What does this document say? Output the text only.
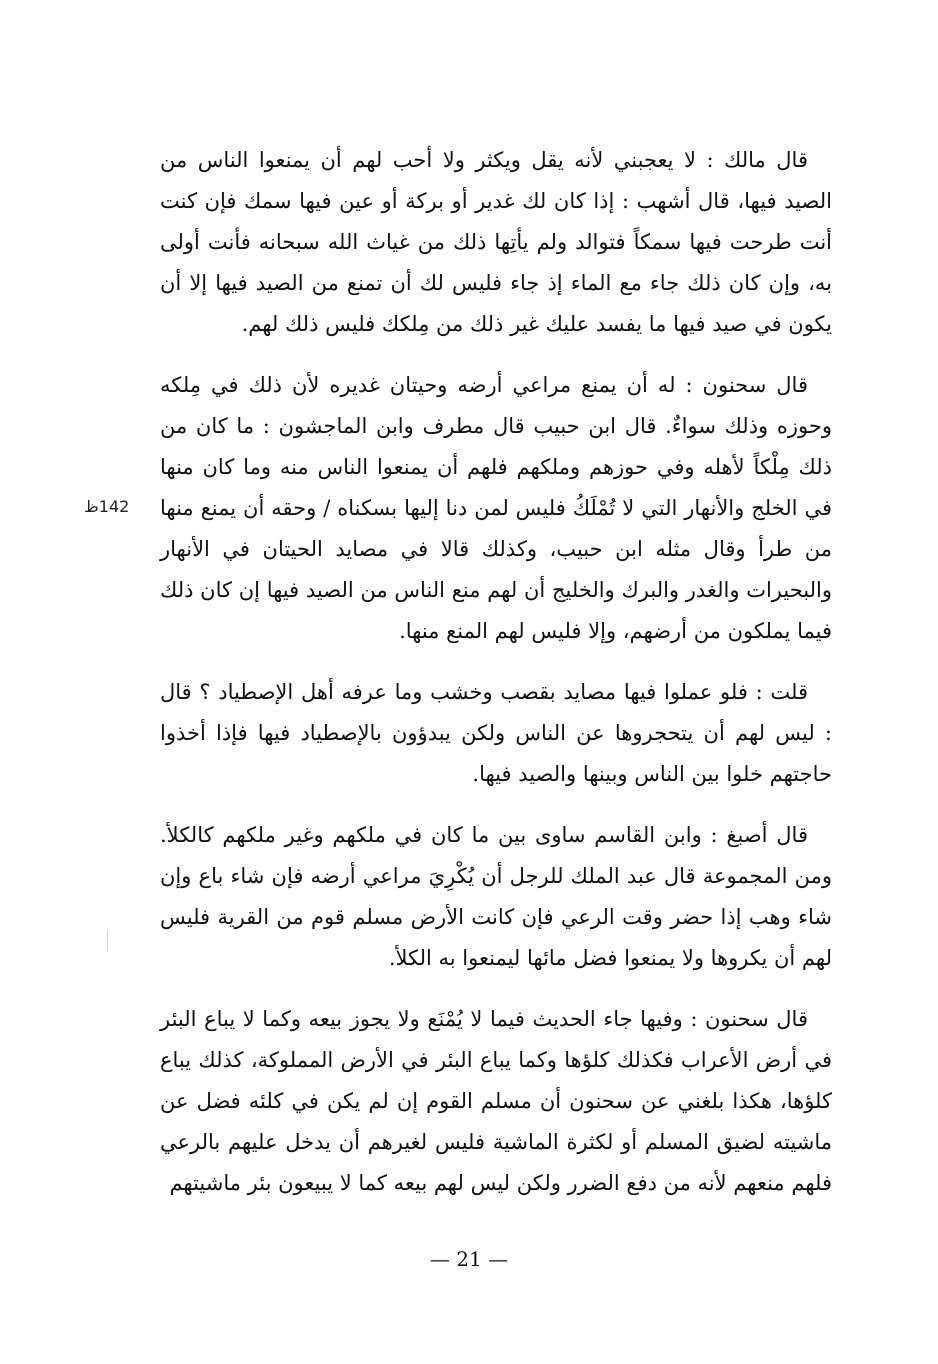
قال مالك : لا يعجبني لأنه يقل ويكثر ولا أحب لهم أن يمنعوا الناس من الصيد فيها، قال أشهب : إذا كان لك غدير أو بركة أو عين فيها سمك فإن كنت أنت طرحت فيها سمكاً فتوالد ولم يأتِها ذلك من غياث الله سبحانه فأنت أولى به، وإن كان ذلك جاء مع الماء إذ جاء فليس لك أن تمنع من الصيد فيها إلا أن يكون في صيد فيها ما يفسد عليك غير ذلك من مِلكك فليس ذلك لهم.

قال سحنون : له أن يمنع مراعي أرضه وحيتان غديره لأن ذلك في مِلكه وحوزه وذلك سواءٌ. قال ابن حبيب قال مطرف وابن الماجشون : ما كان من ذلك مِلْكاً لأهله وفي حوزهم وملكهم فلهم أن يمنعوا الناس منه وما كان منها في الخلج والأنهار التي لا تُمْلَكُ فليس لمن دنا إليها بسكناه / وحقه أن يمنع منها من طرأ وقال مثله ابن حبيب، وكذلك قالا في مصايد الحيتان في الأنهار والبحيرات والغدر والبرك والخليج أن لهم منع الناس من الصيد فيها إن كان ذلك فيما يملكون من أرضهم، وإلا فليس لهم المنع منها.

قلت : فلو عملوا فيها مصايد بقصب وخشب وما عرفه أهل الإصطياد ؟ قال : ليس لهم أن يتحجروها عن الناس ولكن يبدؤون بالإصطياد فيها فإذا أخذوا حاجتهم خلوا بين الناس وبينها والصيد فيها.

قال أصبغ : وابن القاسم ساوى بين ما كان في ملكهم وغير ملكهم كالكلأ. ومن المجموعة قال عبد الملك للرجل أن يُكْرِيَ مراعي أرضه فإن شاء باع وإن شاء وهب إذا حضر وقت الرعي فإن كانت الأرض مسلم قوم من القرية فليس لهم أن يكروها ولا يمنعوا فضل مائها ليمنعوا به الكلأ.

قال سحنون : وفيها جاء الحديث فيما لا يُمْنَع ولا يجوز بيعه وكما لا يباع البئر في أرض الأعراب فكذلك كلؤها وكما يباع البئر في الأرض المملوكة، كذلك يباع كلؤها، هكذا بلغني عن سحنون أن مسلم القوم إن لم يكن في كلئه فضل عن ماشيته لضيق المسلم أو لكثرة الماشية فليس لغيرهم أن يدخل عليهم بالرعي فلهم منعهم لأنه من دفع الضرر ولكن ليس لهم بيعه كما لا يبيعون بئر ماشيتهم

142ظ
— 21 —
